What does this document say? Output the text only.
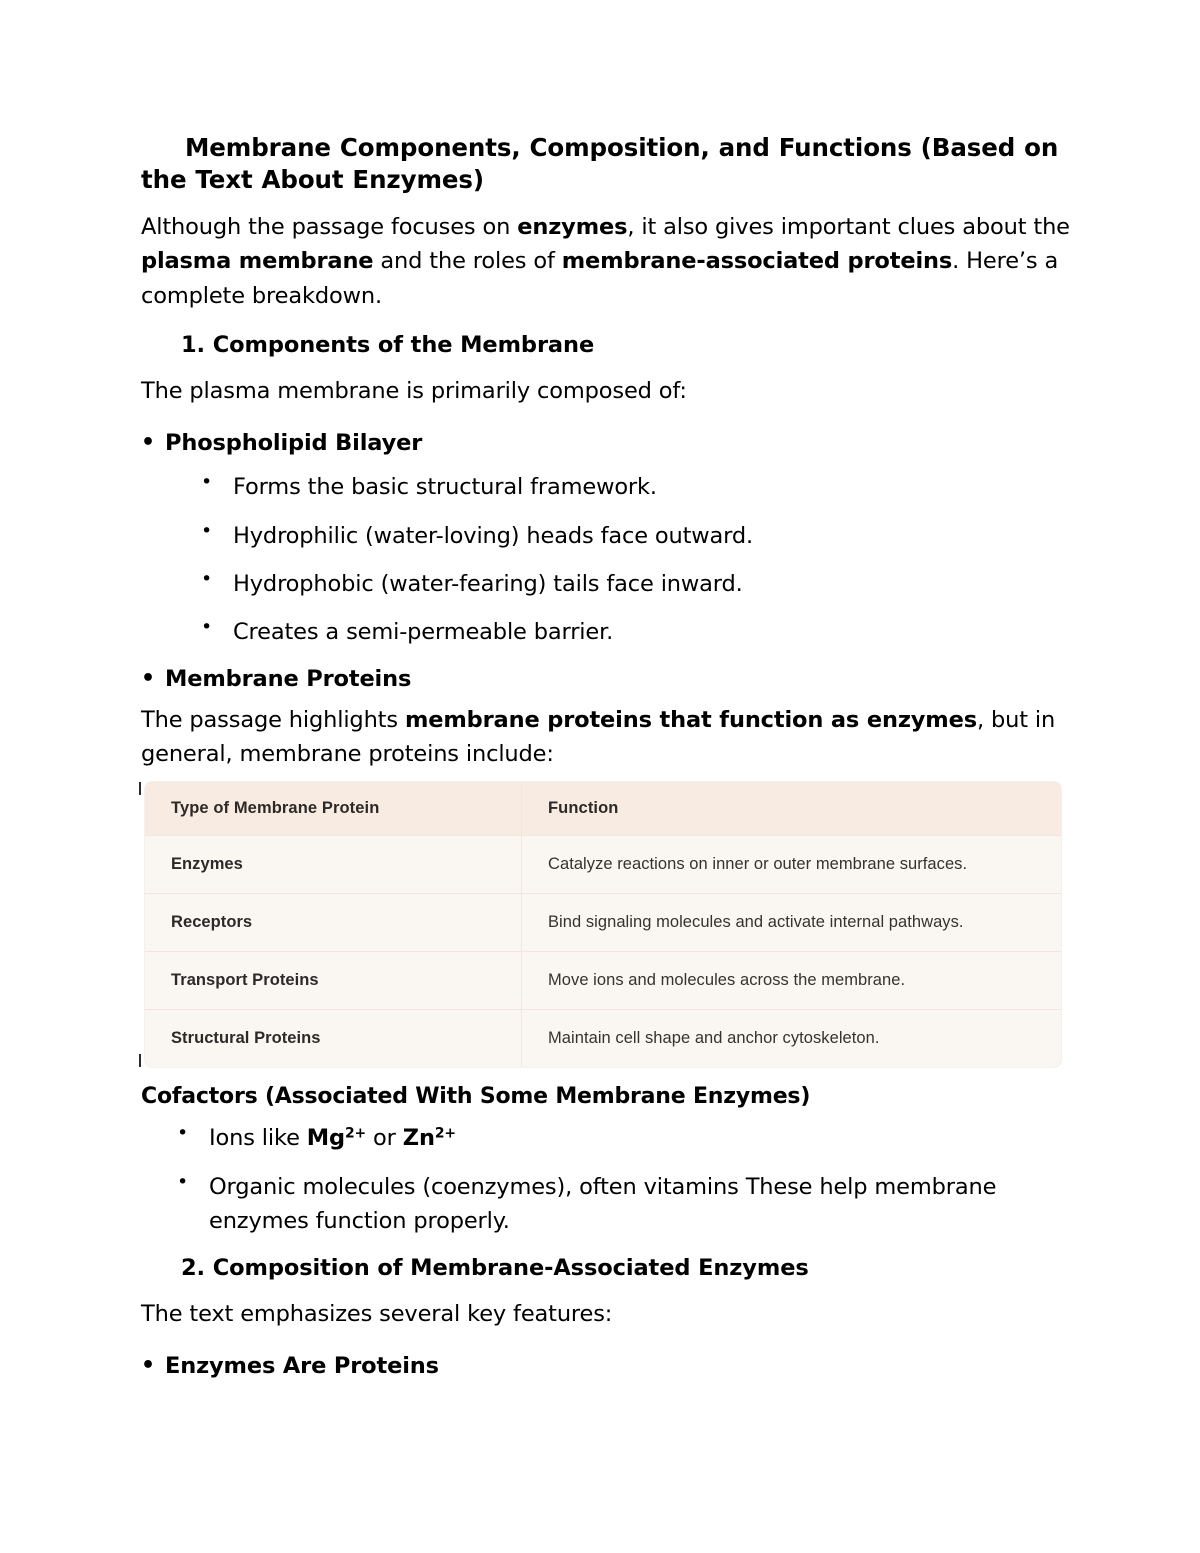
Membrane Components, Composition, and Functions (Based on the Text About Enzymes)

Although the passage focuses on enzymes, it also gives important clues about the plasma membrane and the roles of membrane-associated proteins. Here’s a complete breakdown.

1. Components of the Membrane

The plasma membrane is primarily composed of:

• Phospholipid Bilayer
• Forms the basic structural framework.
• Hydrophilic (water-loving) heads face outward.
• Hydrophobic (water-fearing) tails face inward.
• Creates a semi-permeable barrier.
• Membrane Proteins

The passage highlights membrane proteins that function as enzymes, but in general, membrane proteins include:

Type of Membrane Protein	Function
Enzymes	Catalyze reactions on inner or outer membrane surfaces.
Receptors	Bind signaling molecules and activate internal pathways.
Transport Proteins	Move ions and molecules across the membrane.
Structural Proteins	Maintain cell shape and anchor cytoskeleton.
Cofactors (Associated With Some Membrane Enzymes)
• Ions like $Mg^{2+}$ or $Zn^{2+}$
• Organic molecules (coenzymes), often vitamins These help membrane enzymes function properly.
2. Composition of Membrane-Associated Enzymes

The text emphasizes several key features:

• Enzymes Are Proteins
